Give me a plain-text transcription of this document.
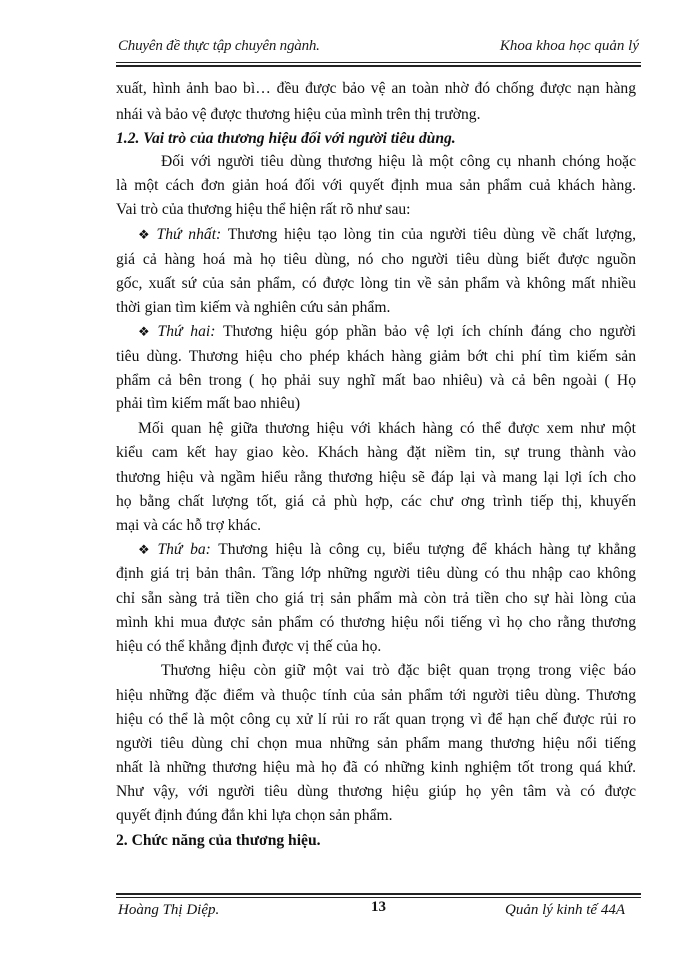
Chuyên đề thực tập chuyên ngành.	Khoa khoa học quản lý
xuất, hình ảnh bao bì… đều được bảo vệ an toàn nhờ đó chống được nạn hàng
nhái và bảo vệ được thương hiệu của mình trên thị trường.
1.2. Vai trò của thương hiệu đối với người tiêu dùng.
Đối với người tiêu dùng thương hiệu là một công cụ nhanh chóng hoặc
là một cách đơn giản hoá đối với quyết định mua sản phẩm cuả khách hàng.
Vai trò của thương hiệu thể hiện rất rõ như sau:
❖ Thứ nhất: Thương hiệu tạo lòng tin của người tiêu dùng về chất lượng,
giá cả hàng hoá mà họ tiêu dùng, nó cho người tiêu dùng biết được nguồn
gốc, xuất sứ của sản phẩm, có được lòng tin về sản phẩm và không mất nhiều
thời gian tìm kiếm và nghiên cứu sản phẩm.
❖ Thứ hai: Thương hiệu góp phần bảo vệ lợi ích chính đáng cho người
tiêu dùng. Thương hiệu cho phép khách hàng giảm bớt chi phí tìm kiếm sản
phẩm cả bên trong ( họ phải suy nghĩ mất bao nhiêu) và cả bên ngoài ( Họ
phải tìm kiếm mất bao nhiêu)
Mối quan hệ giữa thương hiệu với khách hàng có thể được xem như một
kiểu cam kết hay giao kèo. Khách hàng đặt niềm tin, sự trung thành vào
thương hiệu và ngầm hiểu rằng thương hiệu sẽ đáp lại và mang lại lợi ích cho
họ bằng chất lượng tốt, giá cả phù hợp, các chư ơng trình tiếp thị, khuyến
mại và các hỗ trợ khác.
❖ Thứ ba: Thương hiệu là công cụ, biểu tượng để khách hàng tự khẳng
định giá trị bản thân. Tầng lớp những người tiêu dùng có thu nhập cao không
chỉ sẵn sàng trả tiền cho giá trị sản phẩm mà còn trả tiền cho sự hài lòng của
mình khi mua được sản phẩm có thương hiệu nổi tiếng vì họ cho rằng thương
hiệu có thể khẳng định được vị thế của họ.
Thương hiệu còn giữ một vai trò đặc biệt quan trọng trong việc báo
hiệu những đặc điểm và thuộc tính của sản phẩm tới người tiêu dùng. Thương
hiệu có thể là một công cụ xử lí rủi ro rất quan trọng vì để hạn chế được rủi ro
người tiêu dùng chỉ chọn mua những sản phẩm mang thương hiệu nổi tiếng
nhất là những thương hiệu mà họ đã có những kinh nghiệm tốt trong quá khứ.
Như vậy, với người tiêu dùng thương hiệu giúp họ yên tâm và có được
quyết định đúng đắn khi lựa chọn sản phẩm.
2. Chức năng của thương hiệu.
Hoàng Thị Diệp.	13	Quản lý kinh tế 44A
